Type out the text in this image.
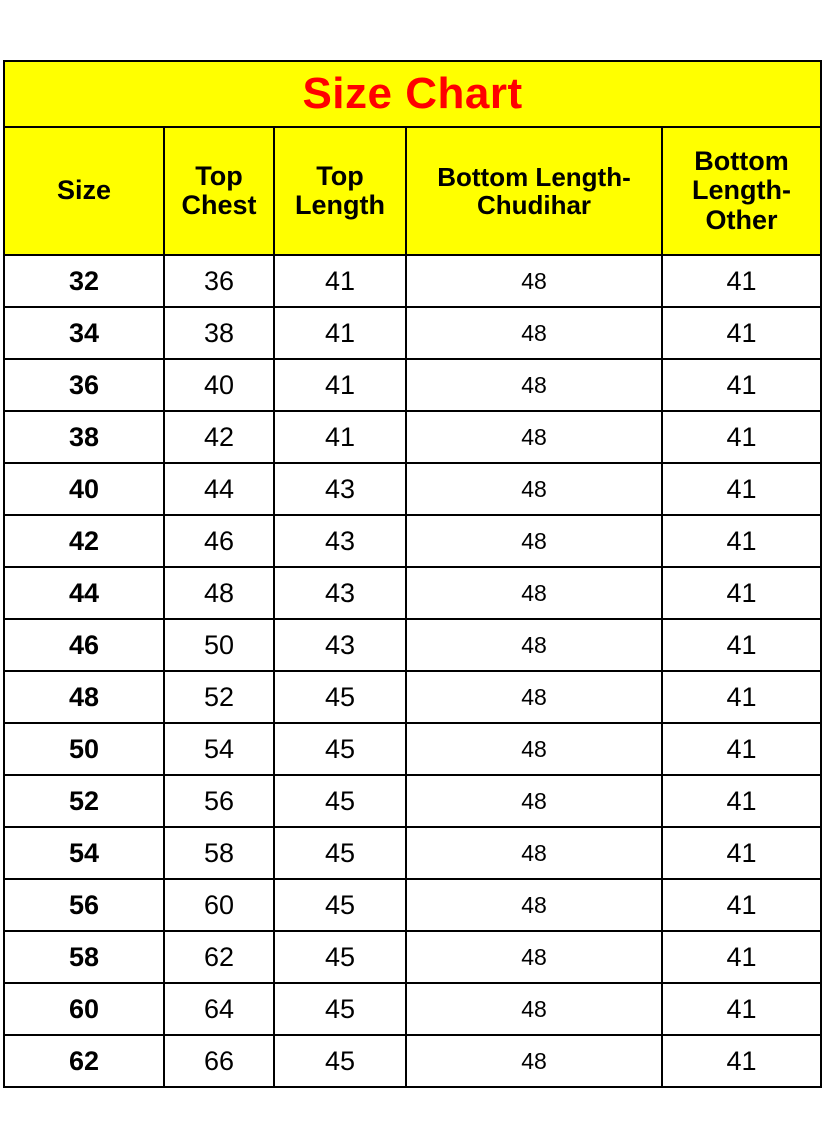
Size Chart				
Size	Top Chest	Top Length	Bottom Length-Chudihar	Bottom Length-Other
32	36	41	48	41
34	38	41	48	41
36	40	41	48	41
38	42	41	48	41
40	44	43	48	41
42	46	43	48	41
44	48	43	48	41
46	50	43	48	41
48	52	45	48	41
50	54	45	48	41
52	56	45	48	41
54	58	45	48	41
56	60	45	48	41
58	62	45	48	41
60	64	45	48	41
62	66	45	48	41
